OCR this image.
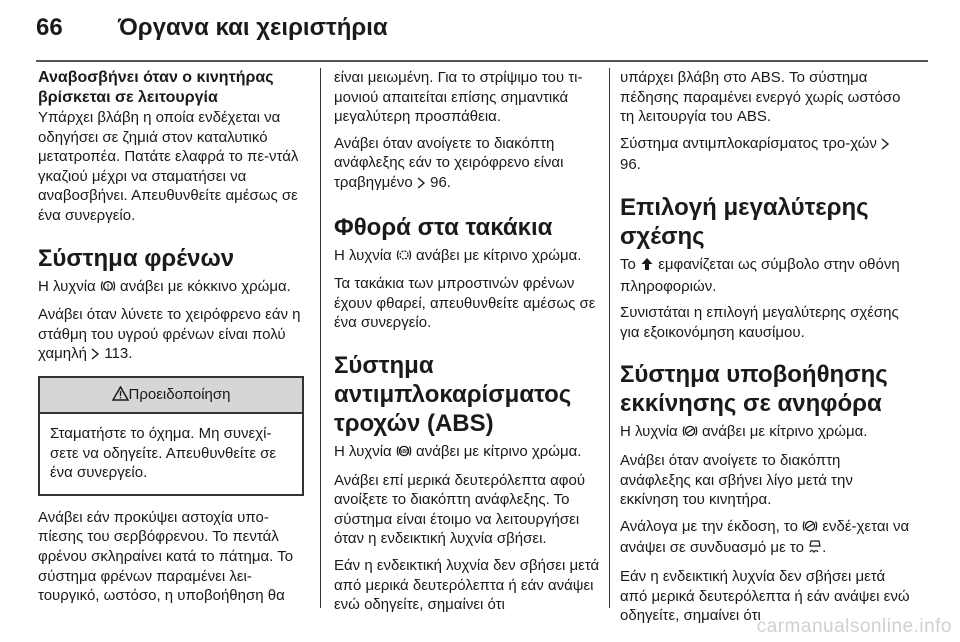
66 Όργανα και χειριστήρια
Αναβοσβήνει όταν ο κινητήρας βρίσκεται σε λειτουργία

Υπάρχει βλάβη η οποία ενδέχεται να οδηγήσει σε ζημιά στον καταλυτικό μετατροπέα. Πατάτε ελαφρά το πε-ντάλ γκαζιού μέχρι να σταματήσει να αναβοσβήνει. Απευθυνθείτε αμέσως σε ένα συνεργείο.

Σύστημα φρένων

Η λυχνία ! ανάβει με κόκκινο χρώμα.

Ανάβει όταν λύνετε το χειρόφρενο εάν η στάθμη του υγρού φρένων είναι πολύ χαμηλή  113.

Προειδοποίηση

Σταματήστε το όχημα. Μη συνεχί-σετε να οδηγείτε. Απευθυνθείτε σε ένα συνεργείο.

Ανάβει εάν προκύψει αστοχία υπο-πίεσης του σερβόφρενου. Το πεντάλ φρένου σκληραίνει κατά το πάτημα. Το σύστημα φρένων παραμένει λει-τουργικό, ωστόσο, η υποβοήθηση θα

είναι μειωμένη. Για το στρίψιμο του τι-μονιού απαιτείται επίσης σημαντικά μεγαλύτερη προσπάθεια.

Ανάβει όταν ανοίγετε το διακόπτη ανάφλεξης εάν το χειρόφρενο είναι τραβηγμένο  96.

Φθορά στα τακάκια

Η λυχνία  ανάβει με κίτρινο χρώμα.

Τα τακάκια των μπροστινών φρένων έχουν φθαρεί, απευθυνθείτε αμέσως σε ένα συνεργείο.

Σύστημα αντιμπλοκαρίσματος τροχών (ABS)

Η λυχνία ABS ανάβει με κίτρινο χρώμα.

Ανάβει επί μερικά δευτερόλεπτα αφού ανοίξετε το διακόπτη ανάφλεξης. Το σύστημα είναι έτοιμο να λειτουργήσει όταν η ενδεικτική λυχνία σβήσει.

Εάν η ενδεικτική λυχνία δεν σβήσει μετά από μερικά δευτερόλεπτα ή εάν ανάψει ενώ οδηγείτε, σημαίνει ότι

υπάρχει βλάβη στο ABS. Το σύστημα πέδησης παραμένει ενεργό χωρίς ωστόσο τη λειτουργία του ABS.

Σύστημα αντιμπλοκαρίσματος τρο-χών  96.

Επιλογή μεγαλύτερης σχέσης

Το  εμφανίζεται ως σύμβολο στην οθόνη πληροφοριών.

Συνιστάται η επιλογή μεγαλύτερης σχέσης για εξοικονόμηση καυσίμου.

Σύστημα υποβοήθησης εκκίνησης σε ανηφόρα

Η λυχνία  ανάβει με κίτρινο χρώμα.

Ανάβει όταν ανοίγετε το διακόπτη ανάφλεξης και σβήνει λίγο μετά την εκκίνηση του κινητήρα.

Ανάλογα με την έκδοση, το  ενδέ-χεται να ανάψει σε συνδυασμό με το .

Εάν η ενδεικτική λυχνία δεν σβήσει μετά από μερικά δευτερόλεπτα ή εάν ανάψει ενώ οδηγείτε, σημαίνει ότι

carmanualsonline.info
